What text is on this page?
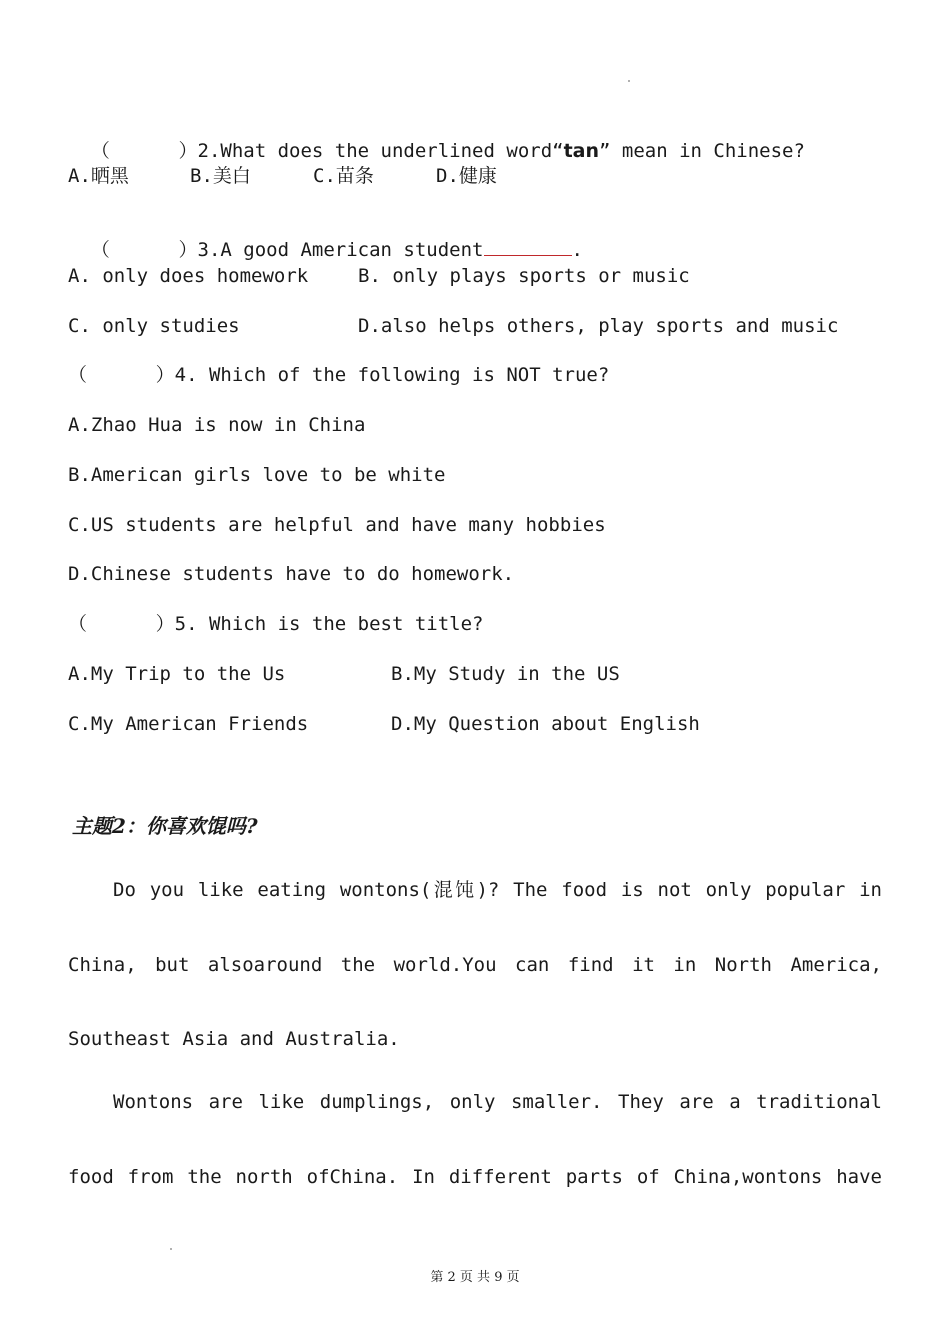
（      ）2.What does the underlined word“tan” mean in Chinese?

A.晒黑

	B.美白

	C.苗条

	D.健康

（      ）3.A good American student	.

A. only does homework

	B. only plays sports or music

C. only studies

	D.also helps others, play sports and music

（      ）4. Which of the following is NOT true?
A.Zhao Hua is now in China
B.American girls love to be white
C.US students are helpful and have many hobbies
D.Chinese students have to do homework.
（      ）5. Which is the best title?

A.My Trip to the Us

	B.My Study in the US

C.My American Friends

	D.My Question about English

主题2：你喜欢馄吗?
Do you like eating wontons(混饨)? The food is not only popular in
China, but alsoaround the world.You can find it in North America,
Southeast Asia and Australia.
Wontons are like dumplings, only smaller. They are a traditional
food from the north ofChina. In different parts of China,wontons have
第 2 页 共 9 页
